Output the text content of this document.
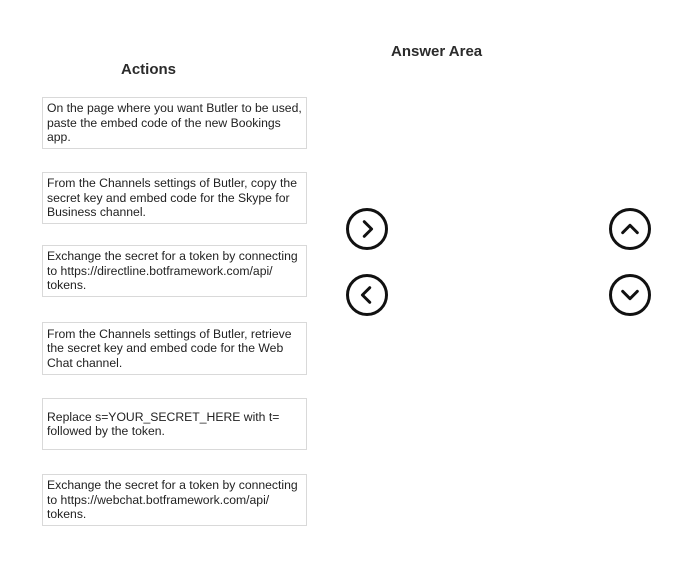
Actions
Answer Area
On the page where you want Butler to be used, paste the embed code of the new Bookings app.
From the Channels settings of Butler, copy the secret key and embed code for the Skype for Business channel.
Exchange the secret for a token by connecting to https://directline.botframework.com/api/ tokens.
From the Channels settings of Butler, retrieve the secret key and embed code for the Web Chat channel.
Replace s=YOUR_SECRET_HERE with t= followed by the token.
Exchange the secret for a token by connecting to https://webchat.botframework.com/api/ tokens.
